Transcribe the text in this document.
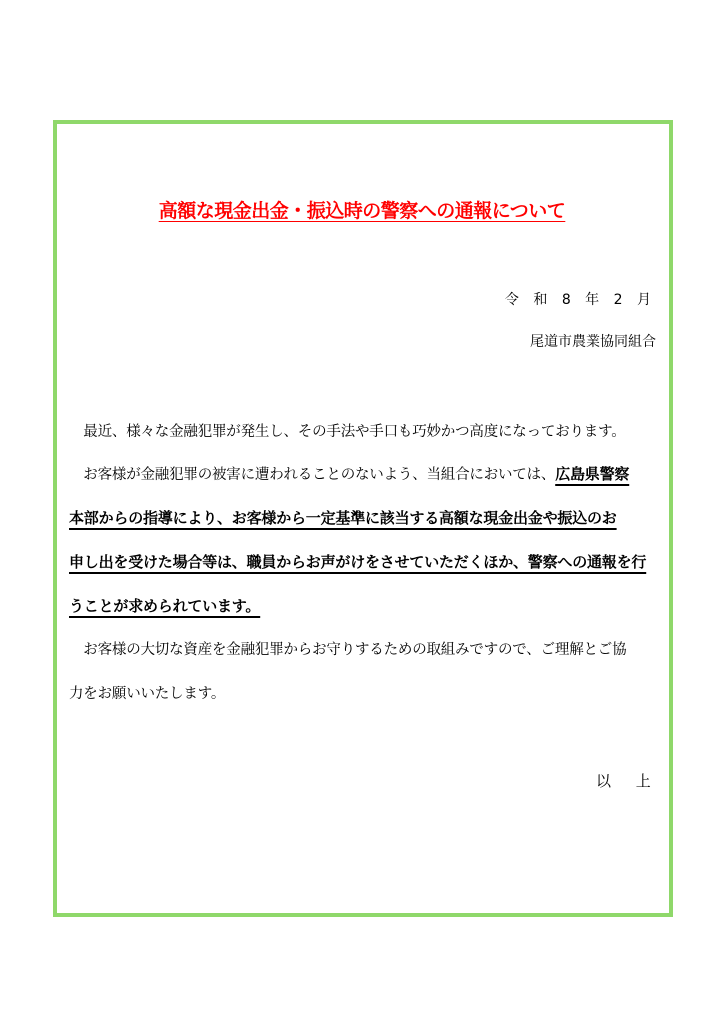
高額な現金出金・振込時の警察への通報について
令 和 8 年 2 月
尾道市農業協同組合
　最近、様々な金融犯罪が発生し、その手法や手口も巧妙かつ高度になっております。
　お客様が金融犯罪の被害に遭われることのないよう、当組合においては、広島県警察
本部からの指導により、お客様から一定基準に該当する高額な現金出金や振込のお
申し出を受けた場合等は、職員からお声がけをさせていただくほか、警察への通報を行
うことが求められています。
　お客様の大切な資産を金融犯罪からお守りするための取組みですので、ご理解とご協
力をお願いいたします。
以 上
